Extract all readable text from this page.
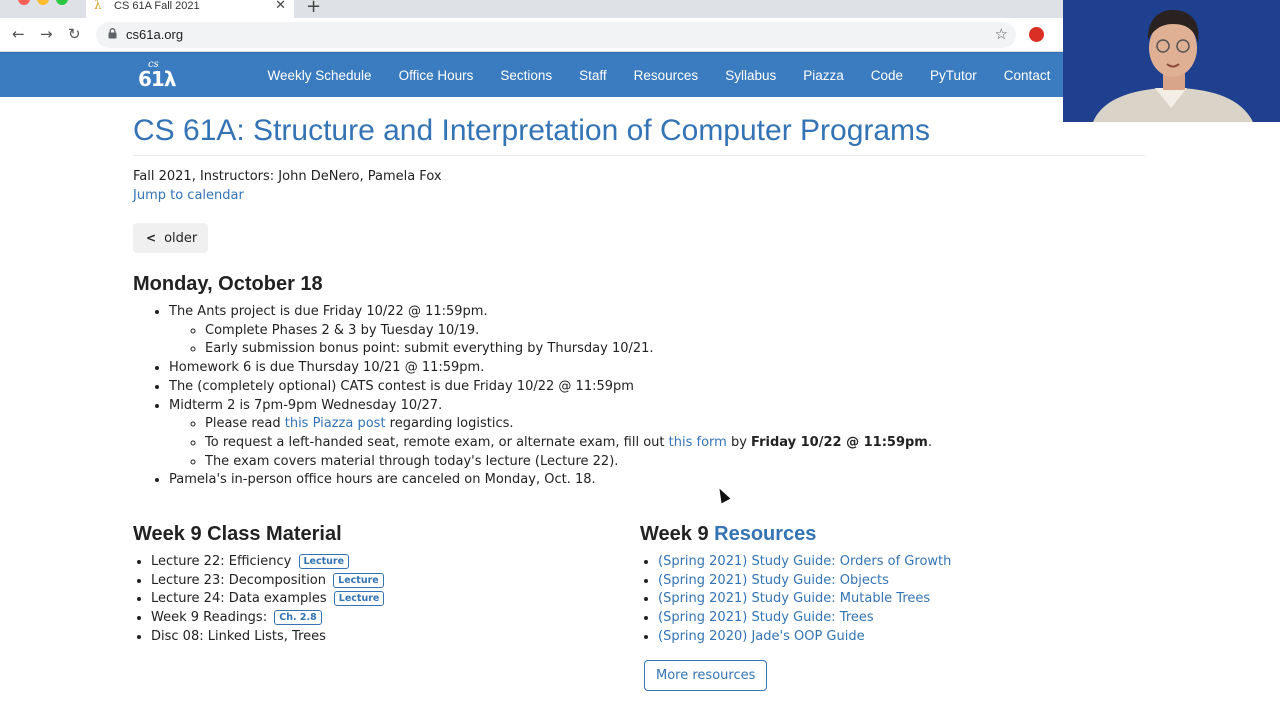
λ CS 61A Fall 2021	✕ +
← → ↻	cs61a.org	☆
cs
61λ	Weekly Schedule	Office Hours	Sections	Staff	Resources	Syllabus	Piazza	Code	PyTutor	Contact
CS 61A: Structure and Interpretation of Computer Programs
Fall 2021, Instructors: John DeNero, Pamela Fox
Jump to calendar
< older
Monday, October 18
• The Ants project is due Friday 10/22 @ 11:59pm.
◦ Complete Phases 2 & 3 by Tuesday 10/19.
◦ Early submission bonus point: submit everything by Thursday 10/21.
• Homework 6 is due Thursday 10/21 @ 11:59pm.
• The (completely optional) CATS contest is due Friday 10/22 @ 11:59pm
• Midterm 2 is 7pm-9pm Wednesday 10/27.
◦ Please read this Piazza post regarding logistics.
◦ To request a left-handed seat, remote exam, or alternate exam, fill out this form by Friday 10/22 @ 11:59pm.
◦ The exam covers material through today's lecture (Lecture 22).
• Pamela's in-person office hours are canceled on Monday, Oct. 18.
Week 9 Class Material
• Lecture 22: Efficiency Lecture
• Lecture 23: Decomposition Lecture
• Lecture 24: Data examples Lecture
• Week 9 Readings: Ch. 2.8
• Disc 08: Linked Lists, Trees
Week 9 Resources
• (Spring 2021) Study Guide: Orders of Growth
• (Spring 2021) Study Guide: Objects
• (Spring 2021) Study Guide: Mutable Trees
• (Spring 2021) Study Guide: Trees
• (Spring 2020) Jade's OOP Guide
More resources
